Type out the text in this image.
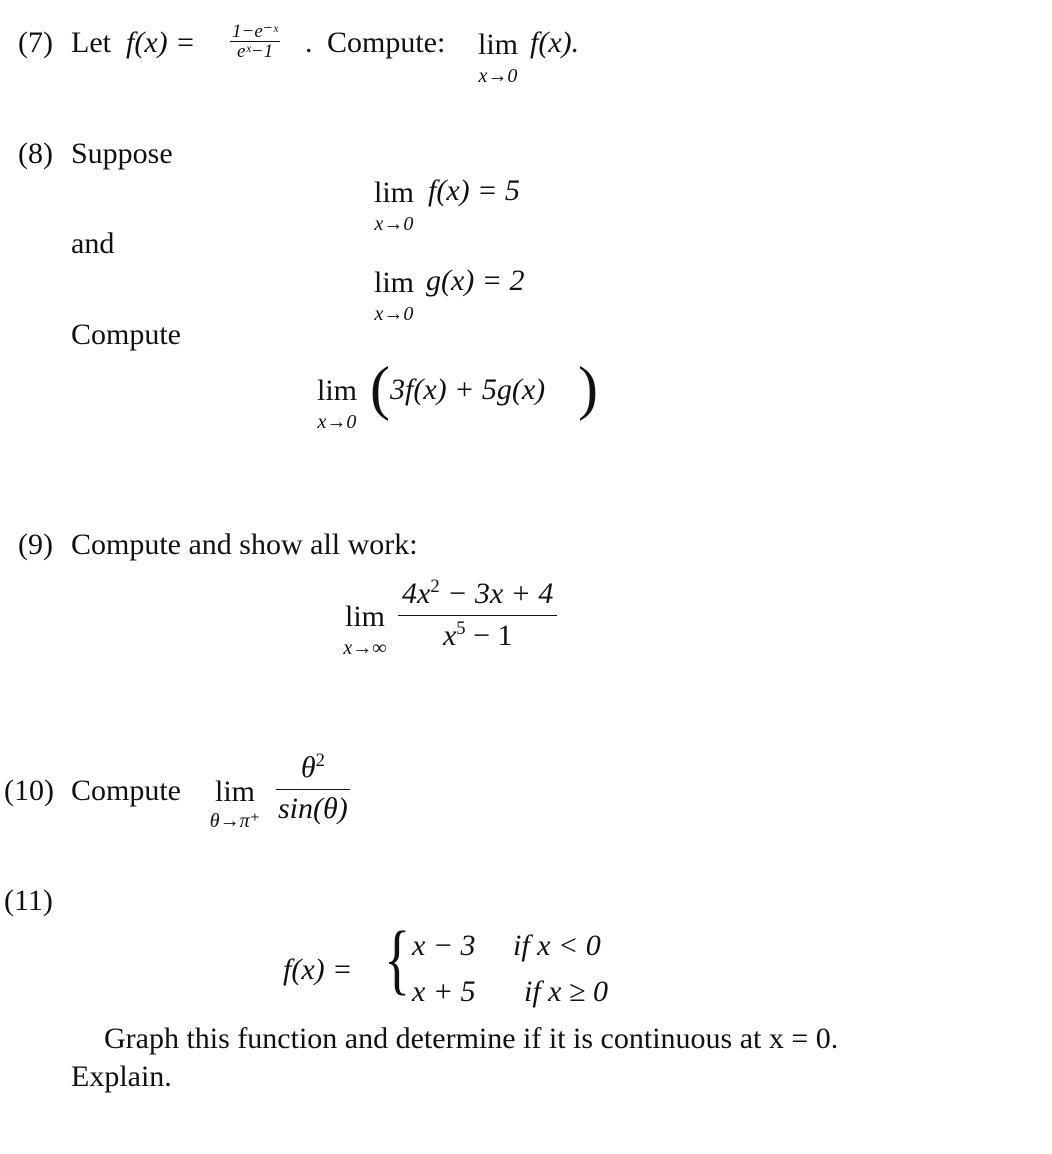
(7) Let $f(x) = \frac{\text{1−e⁻ˣ}}{\text{eˣ−1}}$ . Compute: lim
x→0
f(x).
(8) Suppose
lim
x→0
f(x) = 5
and
lim
x→0
g(x) = 2
Compute
lim
x→0
( 3f(x) + 5g(x) )
(9) Compute and show all work:
lim
$x\to\infty \frac{4x^2 - 3x + 4}{x^5 - 1}$
(10) Compute	lim
$\theta\to\pi^+ \frac{\theta^2}{\sin(\theta)}$
(11)
f(x) = { x − 3 if x < 0
x + 5 if x ≥ 0
Graph this function and determine if it is continuous at x = 0.
Explain.
